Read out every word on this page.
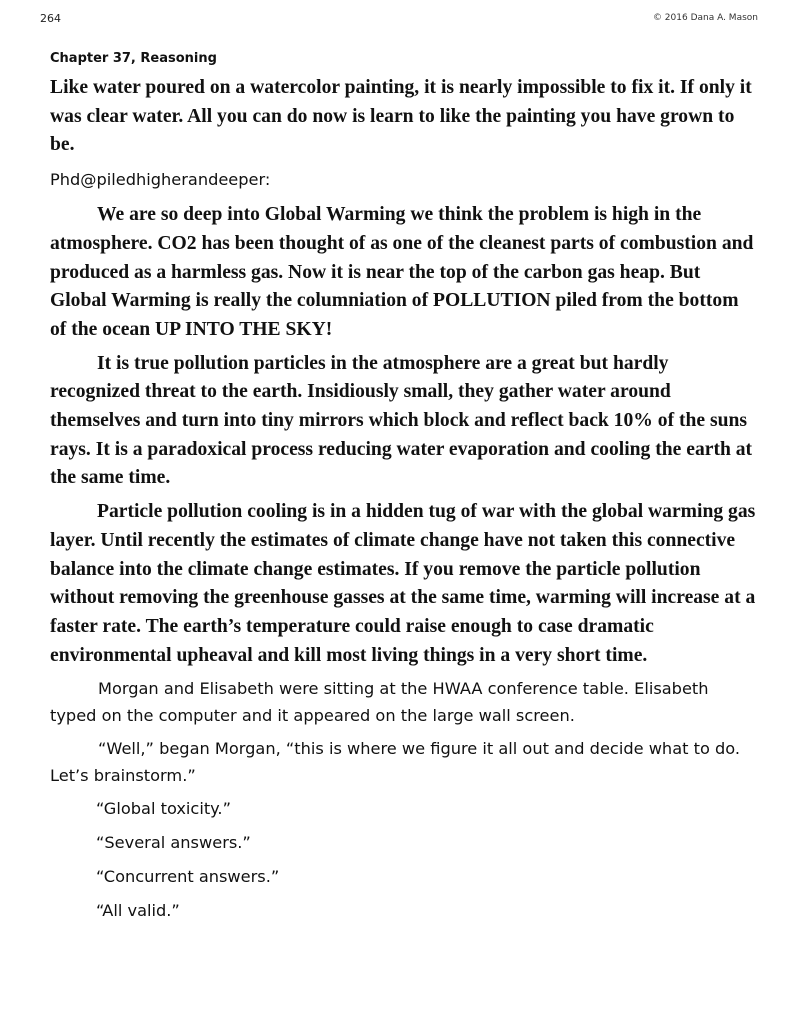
264	© 2016 Dana A. Mason
Chapter 37, Reasoning

Like water poured on a watercolor painting, it is nearly impossible to fix it. If only it was clear water. All you can do now is learn to like the painting you have grown to be.

Phd@piledhigherandeeper:

We are so deep into Global Warming we think the problem is high in the atmosphere. CO2 has been thought of as one of the cleanest parts of combustion and produced as a harmless gas. Now it is near the top of the carbon gas heap. But Global Warming is really the columniation of POLLUTION piled from the bottom of the ocean UP INTO THE SKY!

It is true pollution particles in the atmosphere are a great but hardly recognized threat to the earth. Insidiously small, they gather water around themselves and turn into tiny mirrors which block and reflect back 10% of the suns rays. It is a paradoxical process reducing water evaporation and cooling the earth at the same time.

Particle pollution cooling is in a hidden tug of war with the global warming gas layer. Until recently the estimates of climate change have not taken this connective balance into the climate change estimates. If you remove the particle pollution without removing the greenhouse gasses at the same time, warming will increase at a faster rate. The earth’s temperature could raise enough to case dramatic environmental upheaval and kill most living things in a very short time.

Morgan and Elisabeth were sitting at the HWAA conference table. Elisabeth typed on the computer and it appeared on the large wall screen.

“Well,” began Morgan, “this is where we figure it all out and decide what to do. Let’s brainstorm.”

“Global toxicity.”

“Several answers.”

“Concurrent answers.”

“All valid.”
